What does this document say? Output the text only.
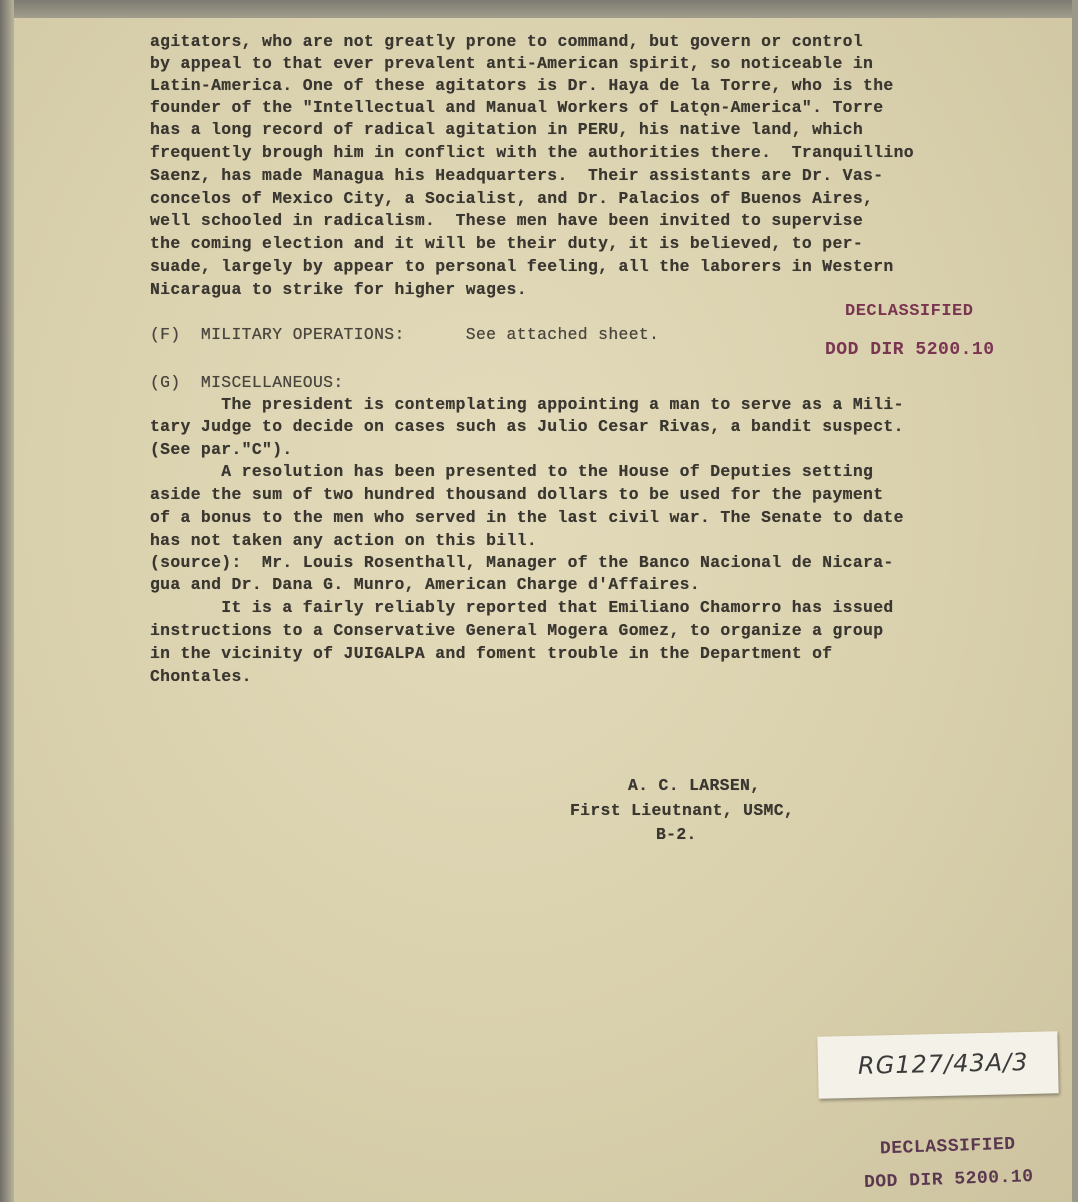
agitators, who are not greatly prone to command, but govern or control
by appeal to that ever prevalent anti-American spirit, so noticeable in
Latin-America. One of these agitators is Dr. Haya de la Torre, who is the
founder of the "Intellectual and Manual Workers of Latǫn-America". Torre
has a long record of radical agitation in PERU, his native land, which
frequently brough him in conflict with the authorities there.  Tranquillino
Saenz, has made Managua his Headquarters.  Their assistants are Dr. Vas-
concelos of Mexico City, a Socialist, and Dr. Palacios of Buenos Aires,
well schooled in radicalism.  These men have been invited to supervise
the coming election and it will be their duty, it is believed, to per-
suade, largely by appear to personal feeling, all the laborers in Western
Nicaragua to strike for higher wages.
(F)  MILITARY OPERATIONS:      See attached sheet.
(G)  MISCELLANEOUS:
The president is contemplating appointing a man to serve as a Mili-
tary Judge to decide on cases such as Julio Cesar Rivas, a bandit suspect.
(See par."C").
A resolution has been presented to the House of Deputies setting
aside the sum of two hundred thousand dollars to be used for the payment
of a bonus to the men who served in the last civil war. The Senate to date
has not taken any action on this bill.
(source):  Mr. Louis Rosenthall, Manager of the Banco Nacional de Nicara-
gua and Dr. Dana G. Munro, American Charge d'Affaires.
It is a fairly reliably reported that Emiliano Chamorro has issued
instructions to a Conservative General Mogera Gomez, to organize a group
in the vicinity of JUIGALPA and foment trouble in the Department of
Chontales.
A. C. LARSEN,
First Lieutnant, USMC,
B-2.
DECLASSIFIED
DOD DIR 5200.10
RG127/43A/3
DECLASSIFIED
DOD DIR 5200.10
